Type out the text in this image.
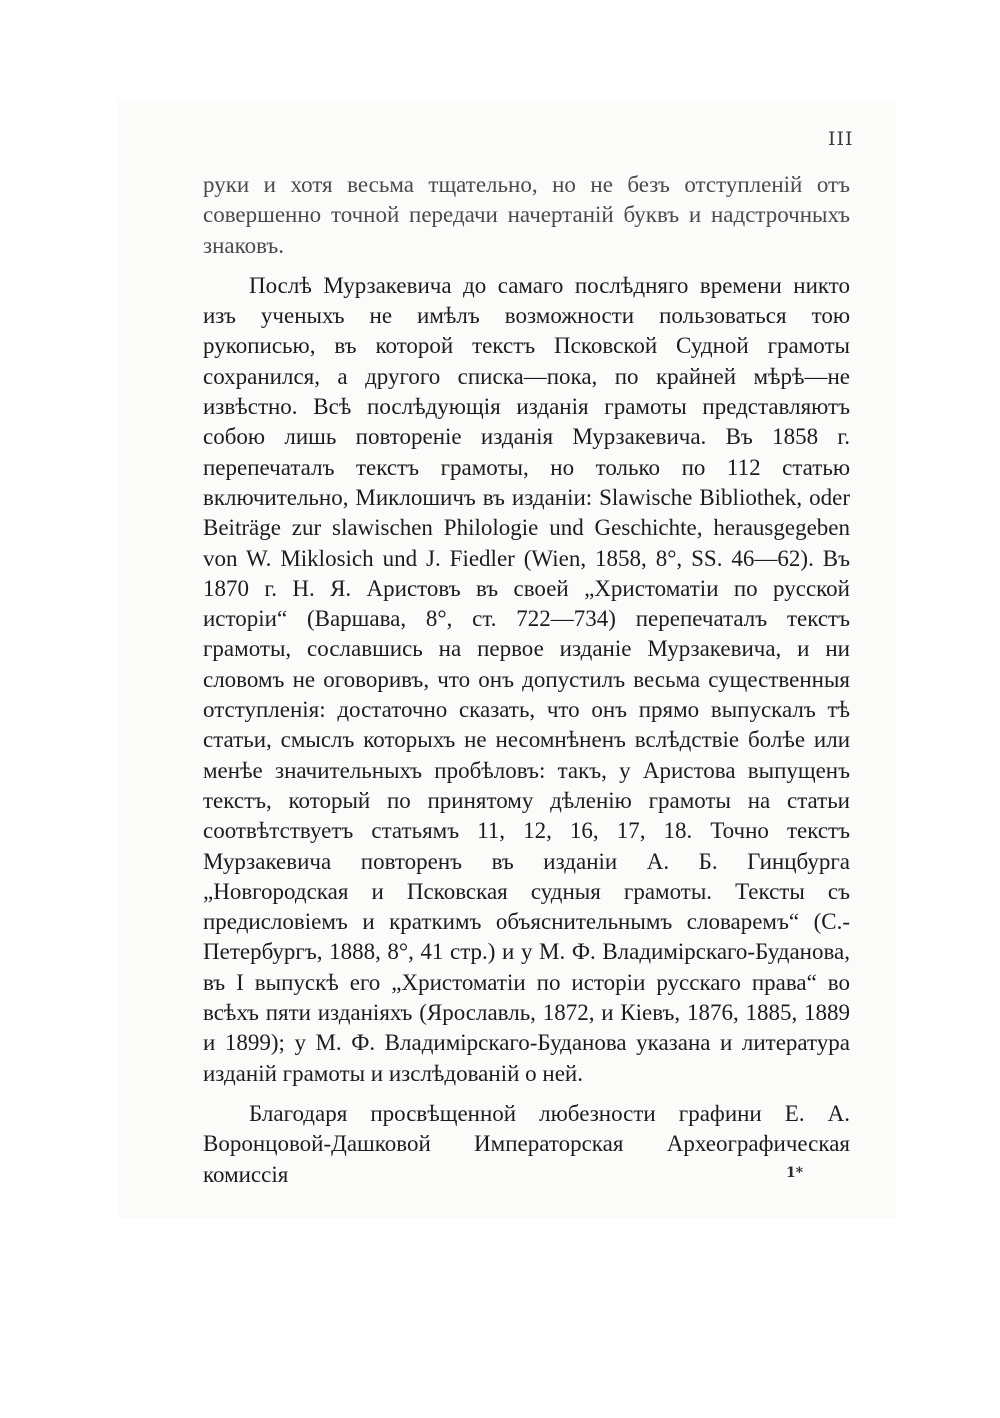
III

руки и хотя весьма тщательно, но не безъ отступленій отъ совершенно точной передачи начертаній буквъ и надстрочныхъ знаковъ.

Послѣ Мурзакевича до самаго послѣдняго времени никто изъ ученыхъ не имѣлъ возможности пользоваться тою рукописью, въ которой текстъ Псковской Судной грамоты сохранился, а другого списка—пока, по крайней мѣрѣ—не извѣстно. Всѣ послѣдующія изданія грамоты представляютъ собою лишь повтореніе изданія Мурзакевича. Въ 1858 г. перепечаталъ текстъ грамоты, но только по 112 статью включительно, Миклошичъ въ изданіи: Slawische Bibliothek, oder Beiträge zur slawischen Philologie und Geschichte, herausgegeben von W. Miklosich und J. Fiedler (Wien, 1858, 8°, SS. 46—62). Въ 1870 г. Н. Я. Аристовъ въ своей „Христоматіи по русской исторіи“ (Варшава, 8°, ст. 722—734) перепечаталъ текстъ грамоты, сославшись на первое изданіе Мурзакевича, и ни словомъ не оговоривъ, что онъ допустилъ весьма существенныя отступленія: достаточно сказать, что онъ прямо выпускалъ тѣ статьи, смыслъ которыхъ не несомнѣненъ вслѣдствіе болѣе или менѣе значительныхъ пробѣловъ: такъ, у Аристова выпущенъ текстъ, который по принятому дѣленію грамоты на статьи соотвѣтствуетъ статьямъ 11, 12, 16, 17, 18. Точно текстъ Мурзакевича повторенъ въ изданіи А. Б. Гинцбурга „Новгородская и Псковская судныя грамоты. Тексты съ предисловіемъ и краткимъ объяснительнымъ словаремъ“ (С.-Петербургъ, 1888, 8°, 41 стр.) и у М. Ф. Владимірскаго-Буданова, въ I выпускѣ его „Христоматіи по исторіи русскаго права“ во всѣхъ пяти изданіяхъ (Ярославль, 1872, и Кіевъ, 1876, 1885, 1889 и 1899); у М. Ф. Владимірскаго-Буданова указана и литература изданій грамоты и изслѣдованій о ней.

Благодаря просвѣщенной любезности графини Е. А. Воронцовой-Дашковой Императорская Археографическая комиссія	1*
